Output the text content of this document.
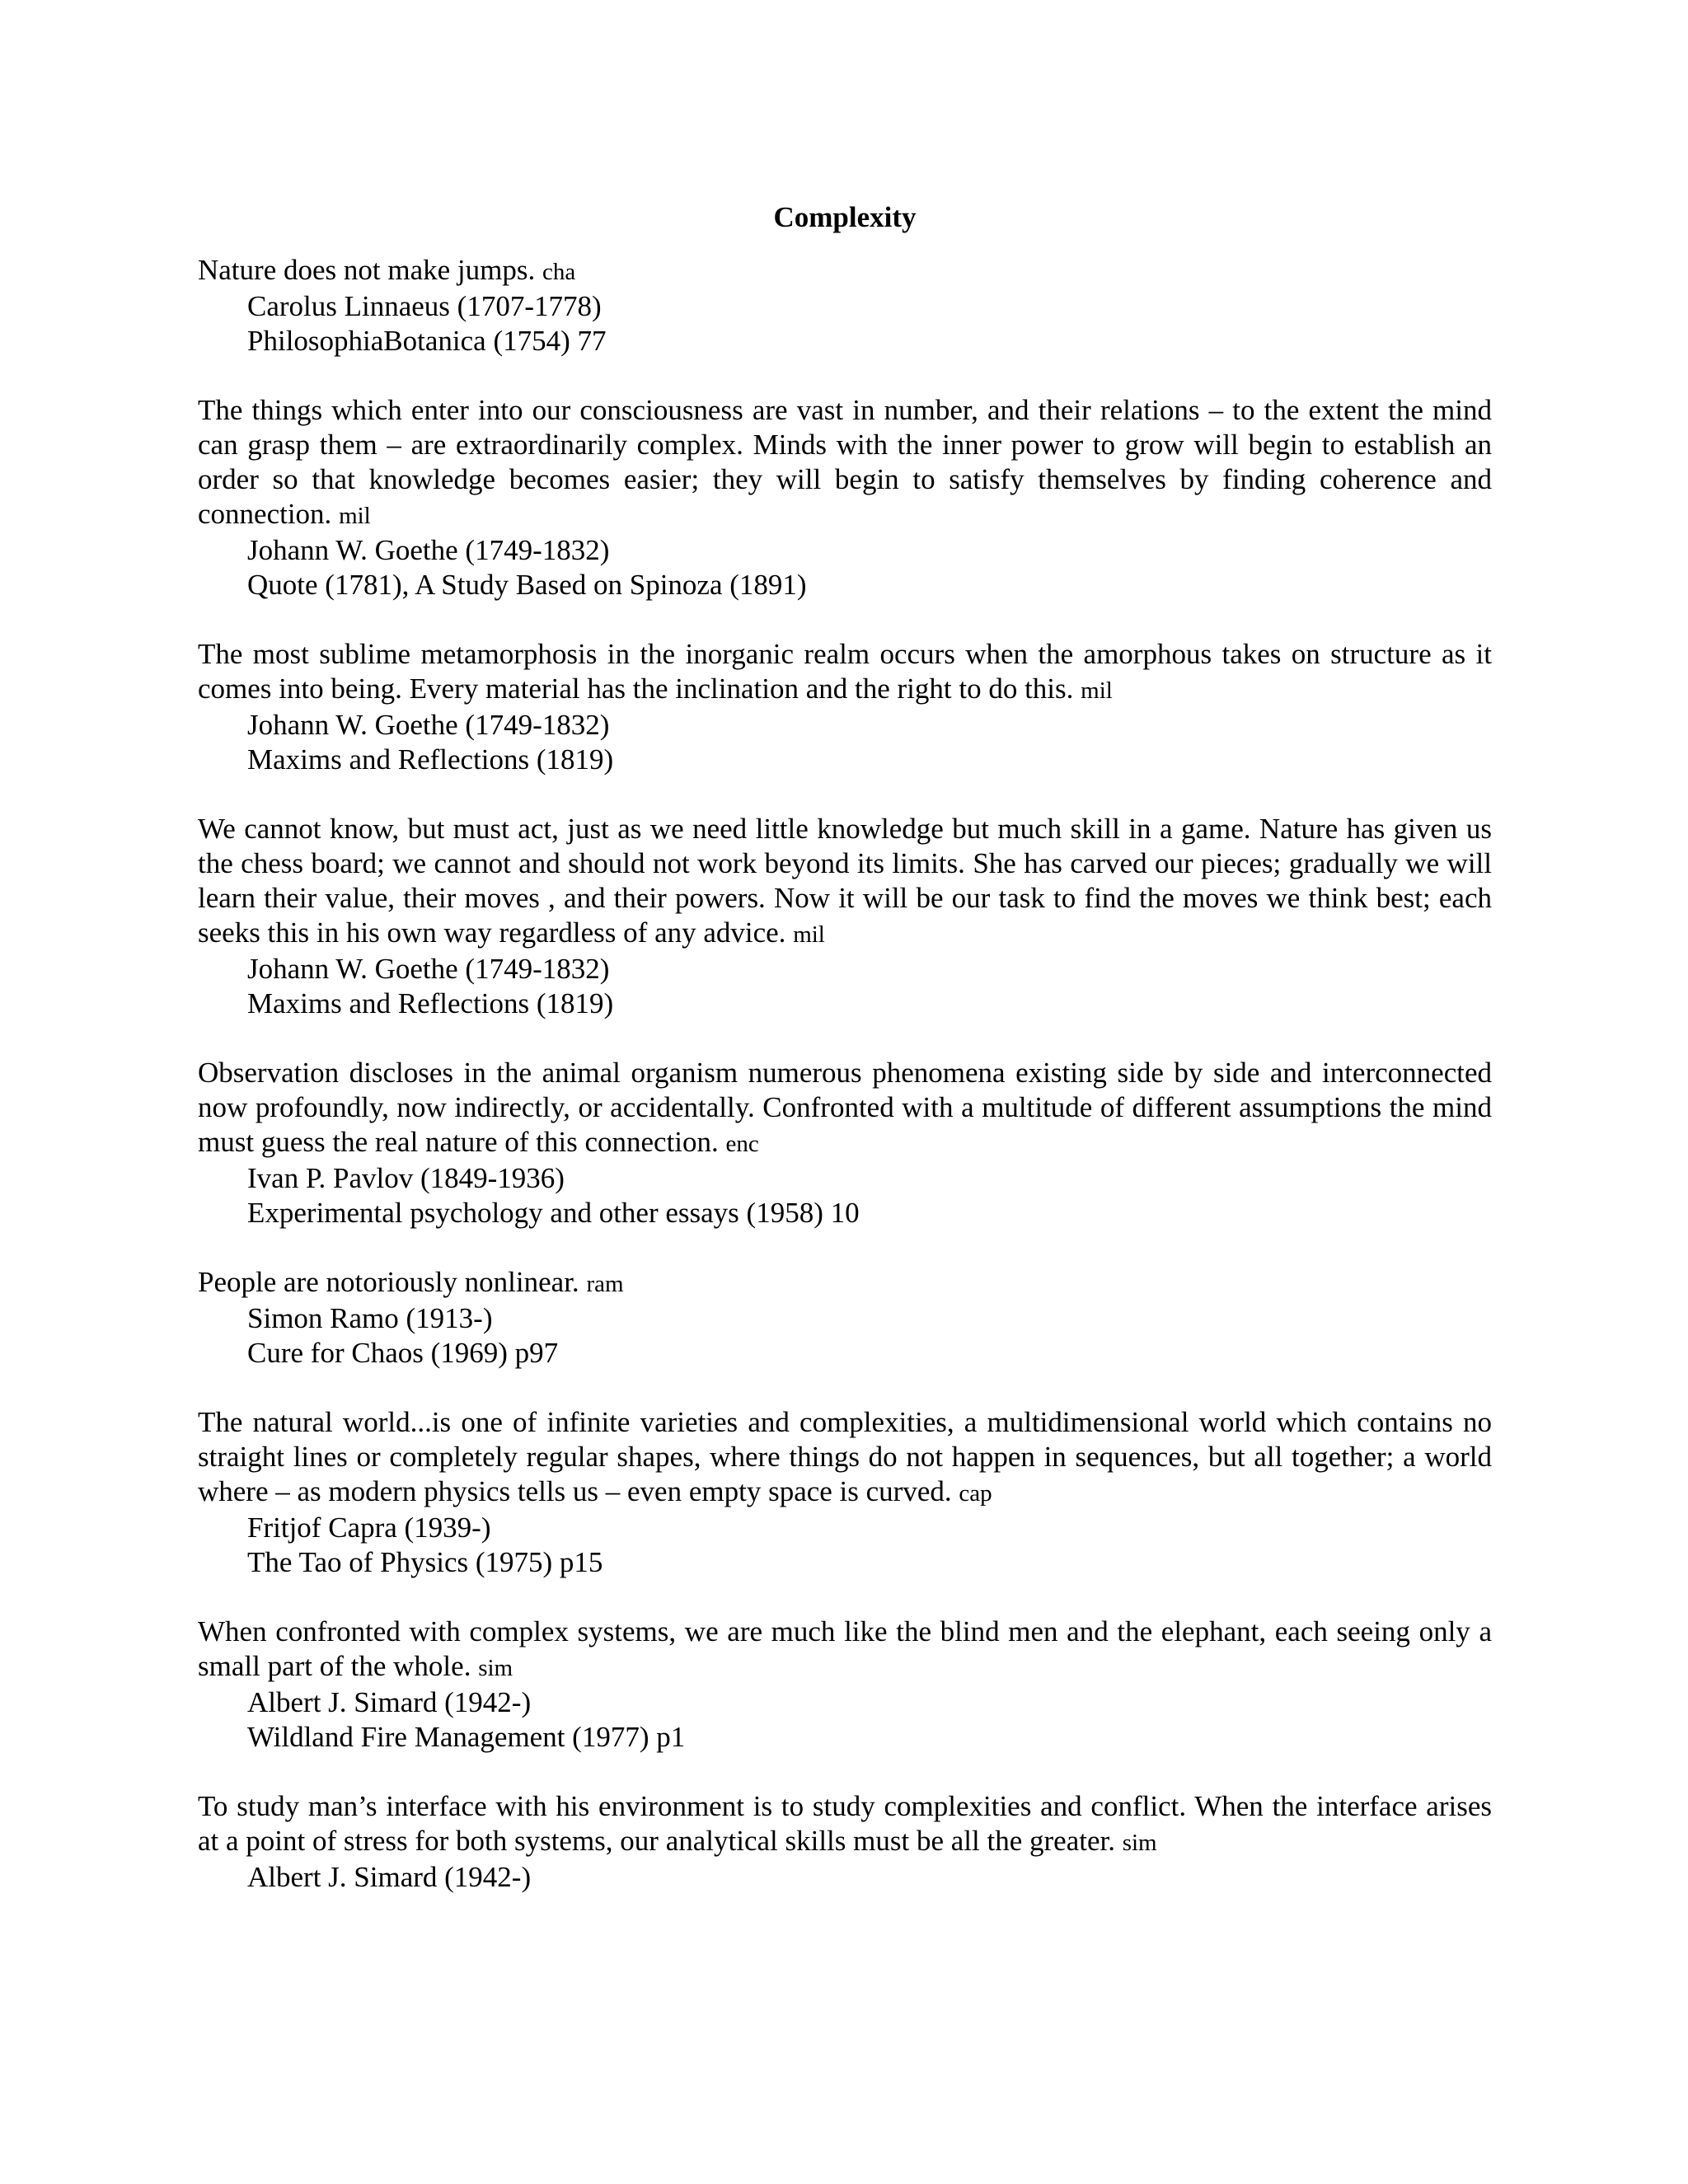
Complexity

Nature does not make jumps. cha

Carolus Linnaeus (1707-1778)
PhilosophiaBotanica (1754) 77

The things which enter into our consciousness are vast in number, and their relations – to the extent the mind can grasp them – are extraordinarily complex. Minds with the inner power to grow will begin to establish an order so that knowledge becomes easier; they will begin to satisfy themselves by finding coherence and connection. mil

Johann W. Goethe (1749-1832)
Quote (1781), A Study Based on Spinoza (1891)

The most sublime metamorphosis in the inorganic realm occurs when the amorphous takes on structure as it comes into being. Every material has the inclination and the right to do this. mil

Johann W. Goethe (1749-1832)
Maxims and Reflections (1819)

We cannot know, but must act, just as we need little knowledge but much skill in a game. Nature has given us the chess board; we cannot and should not work beyond its limits. She has carved our pieces; gradually we will learn their value, their moves , and their powers. Now it will be our task to find the moves we think best; each seeks this in his own way regardless of any advice. mil

Johann W. Goethe (1749-1832)
Maxims and Reflections (1819)

Observation discloses in the animal organism numerous phenomena existing side by side and interconnected now profoundly, now indirectly, or accidentally. Confronted with a multitude of different assumptions the mind must guess the real nature of this connection. enc

Ivan P. Pavlov (1849-1936)
Experimental psychology and other essays (1958) 10

People are notoriously nonlinear. ram

Simon Ramo (1913-)
Cure for Chaos (1969) p97

The natural world...is one of infinite varieties and complexities, a multidimensional world which contains no straight lines or completely regular shapes, where things do not happen in sequences, but all together; a world where – as modern physics tells us – even empty space is curved. cap

Fritjof Capra (1939-)
The Tao of Physics (1975) p15

When confronted with complex systems, we are much like the blind men and the elephant, each seeing only a small part of the whole. sim

Albert J. Simard (1942-)
Wildland Fire Management (1977) p1

To study man’s interface with his environment is to study complexities and conflict. When the interface arises at a point of stress for both systems, our analytical skills must be all the greater. sim

Albert J. Simard (1942-)
